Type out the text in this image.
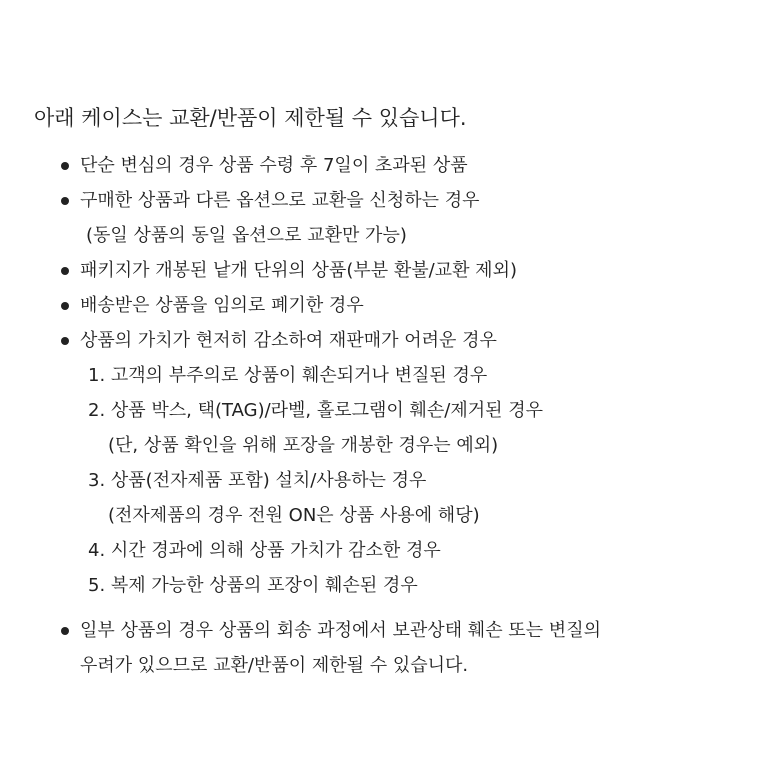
아래 케이스는 교환/반품이 제한될 수 있습니다.
단순 변심의 경우 상품 수령 후 7일이 초과된 상품
구매한 상품과 다른 옵션으로 교환을 신청하는 경우
(동일 상품의 동일 옵션으로 교환만 가능)
패키지가 개봉된 낱개 단위의 상품(부분 환불/교환 제외)
배송받은 상품을 임의로 폐기한 경우
상품의 가치가 현저히 감소하여 재판매가 어려운 경우
1. 고객의 부주의로 상품이 훼손되거나 변질된 경우
2. 상품 박스, 택(TAG)/라벨, 홀로그램이 훼손/제거된 경우
(단, 상품 확인을 위해 포장을 개봉한 경우는 예외)
3. 상품(전자제품 포함) 설치/사용하는 경우
(전자제품의 경우 전원 ON은 상품 사용에 해당)
4. 시간 경과에 의해 상품 가치가 감소한 경우
5. 복제 가능한 상품의 포장이 훼손된 경우
일부 상품의 경우 상품의 회송 과정에서 보관상태 훼손 또는 변질의
우려가 있으므로 교환/반품이 제한될 수 있습니다.
